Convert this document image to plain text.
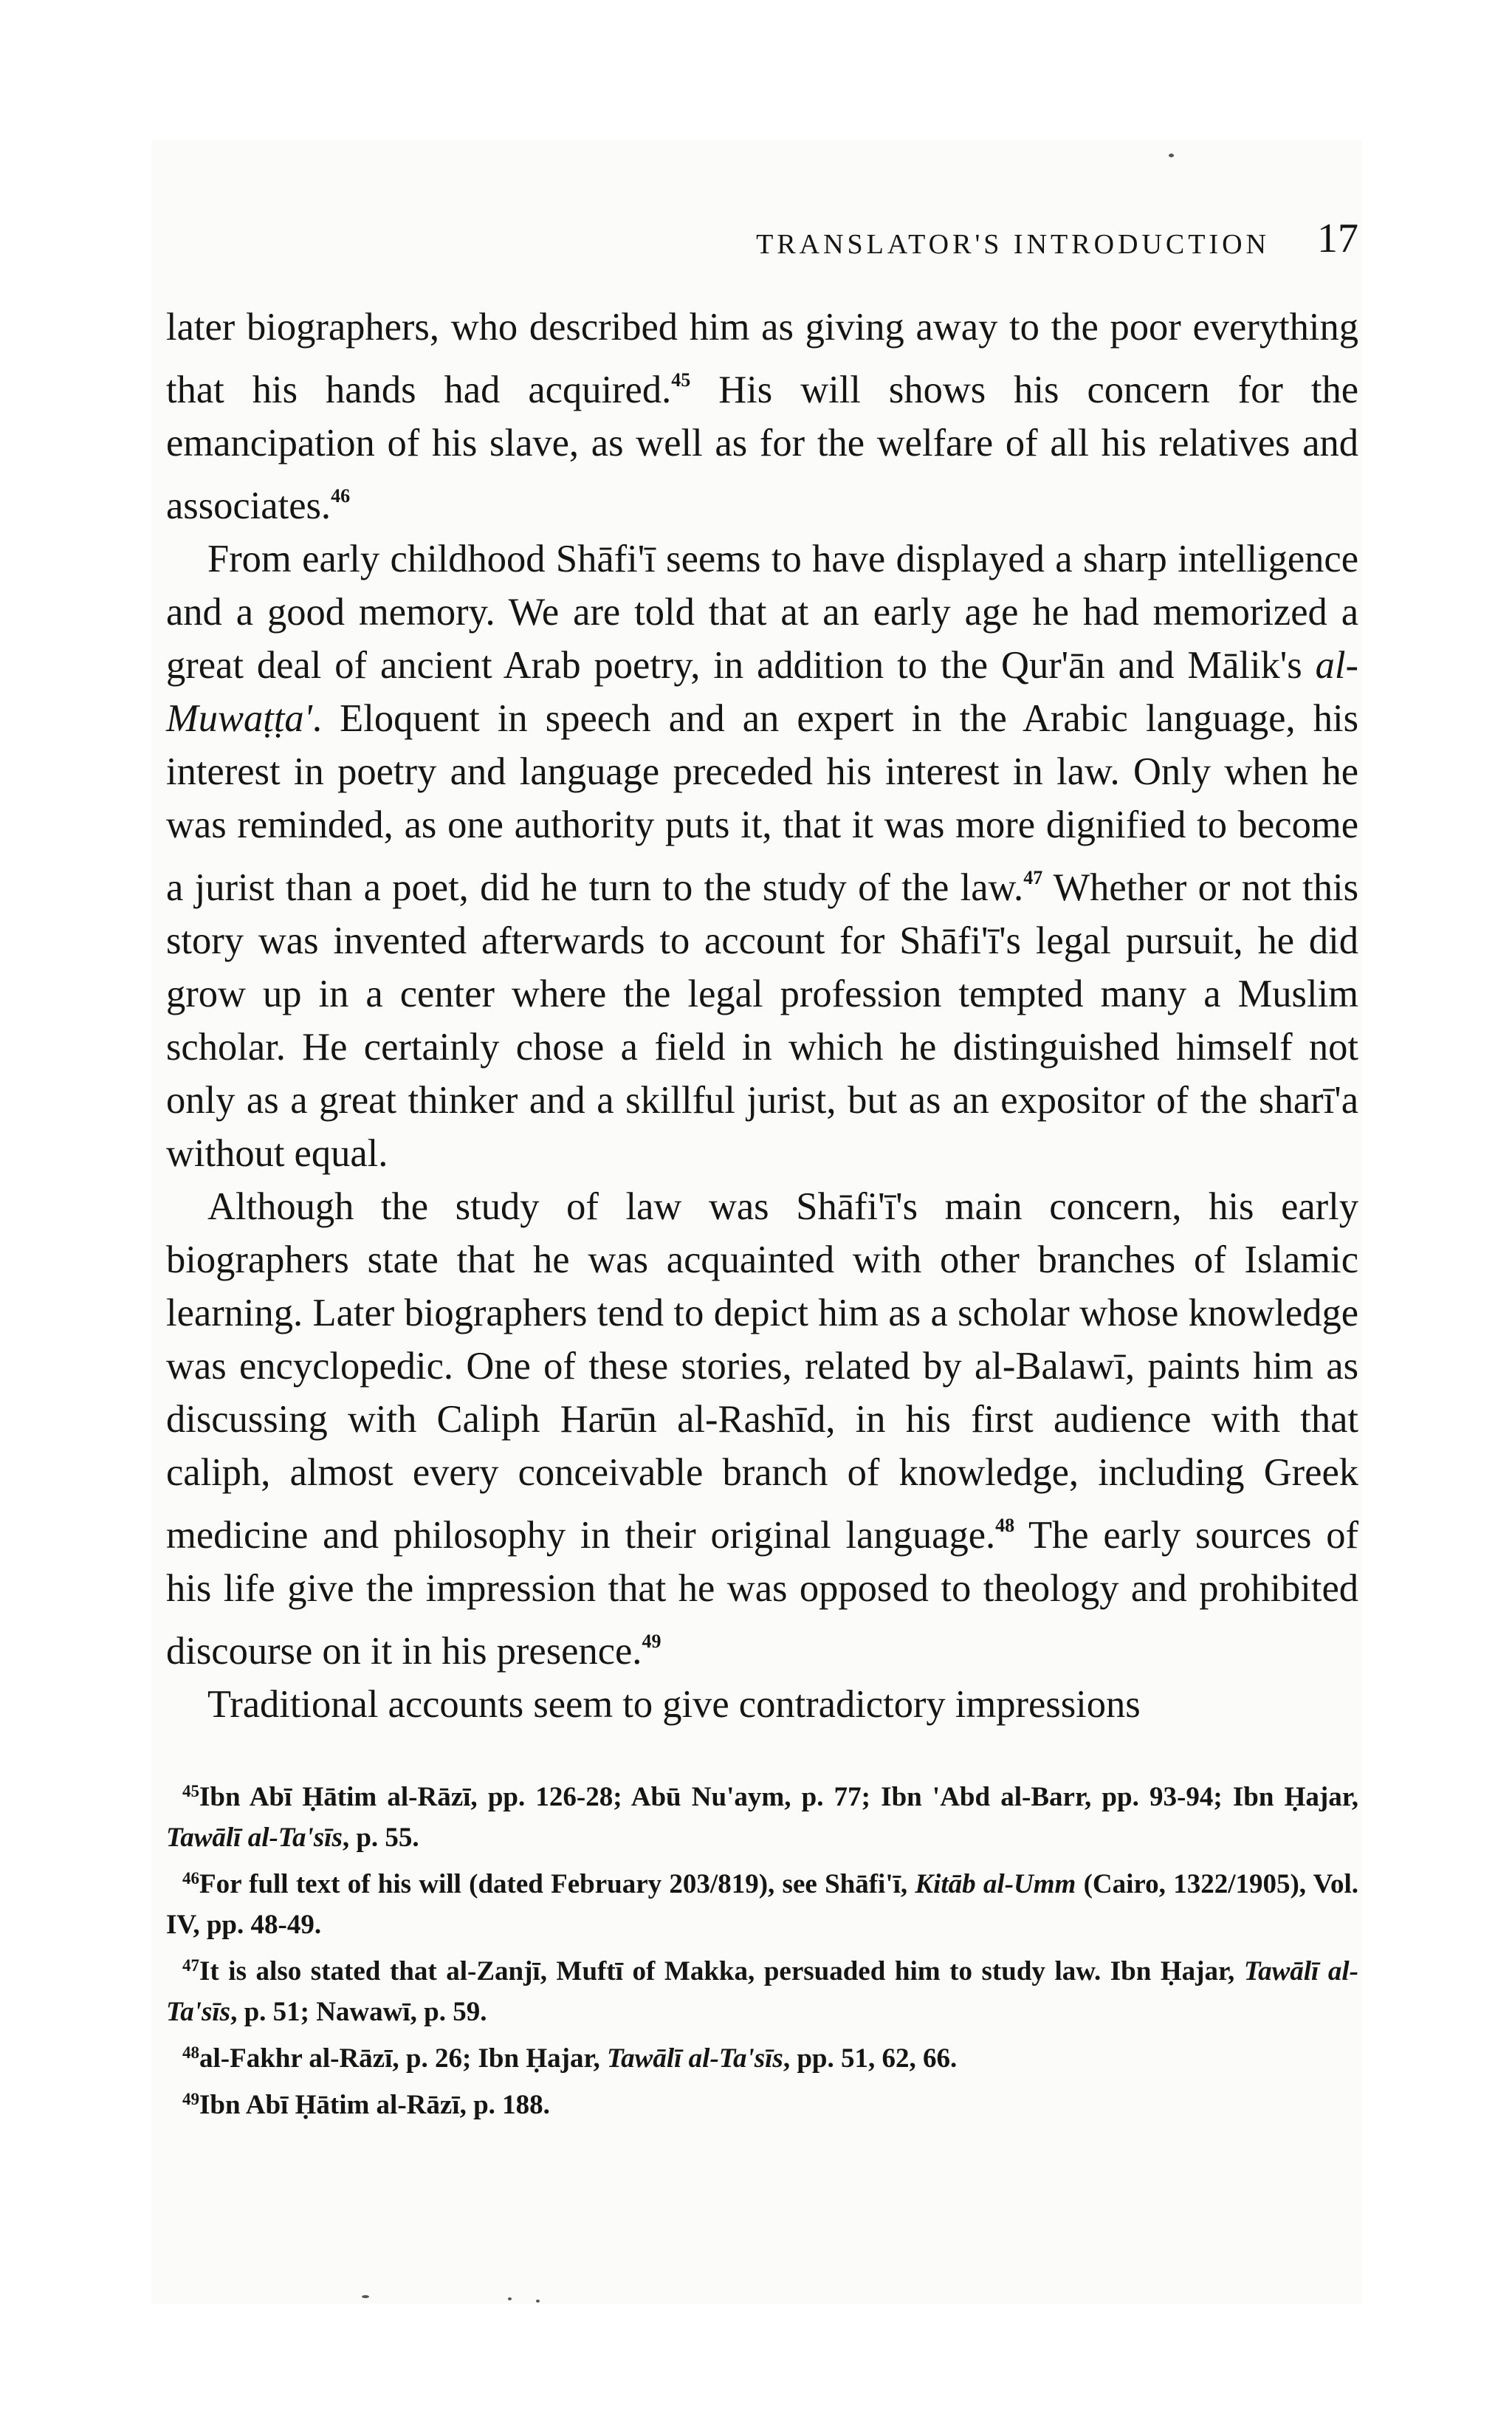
TRANSLATOR'S INTRODUCTION 17

later biographers, who described him as giving away to the poor everything that his hands had acquired.$^{45}$ His will shows his concern for the emancipation of his slave, as well as for the welfare of all his relatives and associates.$^{46}$

From early childhood Shāfi'ī seems to have displayed a sharp intelligence and a good memory. We are told that at an early age he had memorized a great deal of ancient Arab poetry, in addition to the Qur'ān and Mālik's al-Muwaṭṭa'. Eloquent in speech and an expert in the Arabic language, his interest in poetry and language preceded his interest in law. Only when he was reminded, as one authority puts it, that it was more dignified to become a jurist than a poet, did he turn to the study of the law.$^{47}$ Whether or not this story was invented afterwards to account for Shāfi'ī's legal pursuit, he did grow up in a center where the legal profession tempted many a Muslim scholar. He certainly chose a field in which he distinguished himself not only as a great thinker and a skillful jurist, but as an expositor of the sharī'a without equal.

Although the study of law was Shāfi'ī's main concern, his early biographers state that he was acquainted with other branches of Islamic learning. Later biographers tend to depict him as a scholar whose knowledge was encyclopedic. One of these stories, related by al-Balawī, paints him as discussing with Caliph Harūn al-Rashīd, in his first audience with that caliph, almost every conceivable branch of knowledge, including Greek medicine and philosophy in their original language.$^{48}$ The early sources of his life give the impression that he was opposed to theology and prohibited discourse on it in his presence.$^{49}$

Traditional accounts seem to give contradictory impressions

$^{45}$Ibn Abī Ḥātim al-Rāzī, pp. 126-28; Abū Nu'aym, p. 77; Ibn 'Abd al-Barr, pp. 93-94; Ibn Ḥajar, Tawālī al-Ta'sīs, p. 55.

$^{46}$For full text of his will (dated February 203/819), see Shāfi'ī, Kitāb al-Umm (Cairo, 1322/1905), Vol. IV, pp. 48-49.

$^{47}$It is also stated that al-Zanjī, Muftī of Makka, persuaded him to study law. Ibn Ḥajar, Tawālī al-Ta'sīs, p. 51; Nawawī, p. 59.

$^{48}$al-Fakhr al-Rāzī, p. 26; Ibn Ḥajar, Tawālī al-Ta'sīs, pp. 51, 62, 66.

$^{49}$Ibn Abī Ḥātim al-Rāzī, p. 188.
